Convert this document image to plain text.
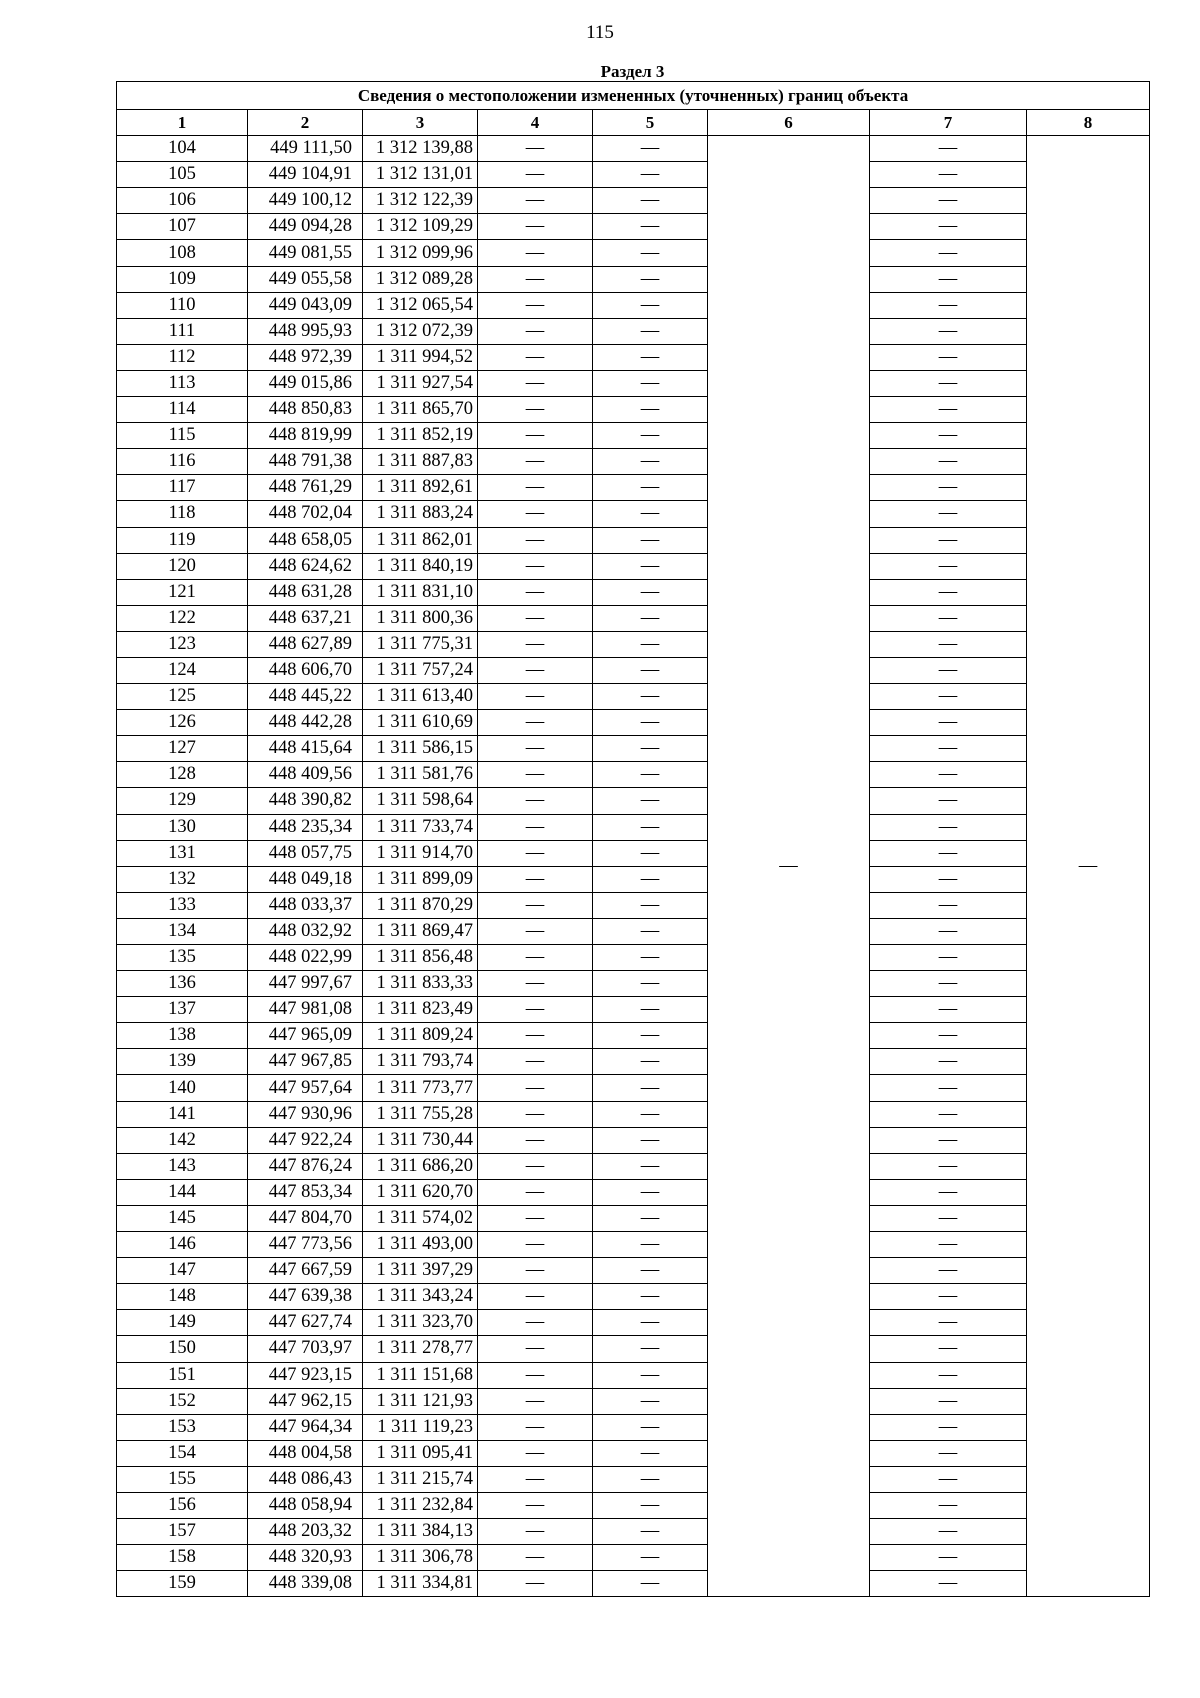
115
Раздел 3
Сведения о местоположении измененных (уточненных) границ объекта							
1	2	3	4	5	6	7	8
104	449 111,50	1 312 139,88	—	—	—	—	—
105	449 104,91	1 312 131,01	—	—		—	
106	449 100,12	1 312 122,39	—	—		—	
107	449 094,28	1 312 109,29	—	—		—	
108	449 081,55	1 312 099,96	—	—		—	
109	449 055,58	1 312 089,28	—	—		—	
110	449 043,09	1 312 065,54	—	—		—	
111	448 995,93	1 312 072,39	—	—		—	
112	448 972,39	1 311 994,52	—	—		—	
113	449 015,86	1 311 927,54	—	—		—	
114	448 850,83	1 311 865,70	—	—		—	
115	448 819,99	1 311 852,19	—	—		—	
116	448 791,38	1 311 887,83	—	—		—	
117	448 761,29	1 311 892,61	—	—		—	
118	448 702,04	1 311 883,24	—	—		—	
119	448 658,05	1 311 862,01	—	—		—	
120	448 624,62	1 311 840,19	—	—		—	
121	448 631,28	1 311 831,10	—	—		—	
122	448 637,21	1 311 800,36	—	—		—	
123	448 627,89	1 311 775,31	—	—		—	
124	448 606,70	1 311 757,24	—	—		—	
125	448 445,22	1 311 613,40	—	—		—	
126	448 442,28	1 311 610,69	—	—		—	
127	448 415,64	1 311 586,15	—	—		—	
128	448 409,56	1 311 581,76	—	—		—	
129	448 390,82	1 311 598,64	—	—		—	
130	448 235,34	1 311 733,74	—	—		—	
131	448 057,75	1 311 914,70	—	—		—	
132	448 049,18	1 311 899,09	—	—		—	
133	448 033,37	1 311 870,29	—	—		—	
134	448 032,92	1 311 869,47	—	—		—	
135	448 022,99	1 311 856,48	—	—		—	
136	447 997,67	1 311 833,33	—	—		—	
137	447 981,08	1 311 823,49	—	—		—	
138	447 965,09	1 311 809,24	—	—		—	
139	447 967,85	1 311 793,74	—	—		—	
140	447 957,64	1 311 773,77	—	—		—	
141	447 930,96	1 311 755,28	—	—		—	
142	447 922,24	1 311 730,44	—	—		—	
143	447 876,24	1 311 686,20	—	—		—	
144	447 853,34	1 311 620,70	—	—		—	
145	447 804,70	1 311 574,02	—	—		—	
146	447 773,56	1 311 493,00	—	—		—	
147	447 667,59	1 311 397,29	—	—		—	
148	447 639,38	1 311 343,24	—	—		—	
149	447 627,74	1 311 323,70	—	—		—	
150	447 703,97	1 311 278,77	—	—		—	
151	447 923,15	1 311 151,68	—	—		—	
152	447 962,15	1 311 121,93	—	—		—	
153	447 964,34	1 311 119,23	—	—		—	
154	448 004,58	1 311 095,41	—	—		—	
155	448 086,43	1 311 215,74	—	—		—	
156	448 058,94	1 311 232,84	—	—		—	
157	448 203,32	1 311 384,13	—	—		—	
158	448 320,93	1 311 306,78	—	—		—	
159	448 339,08	1 311 334,81	—	—		—	
